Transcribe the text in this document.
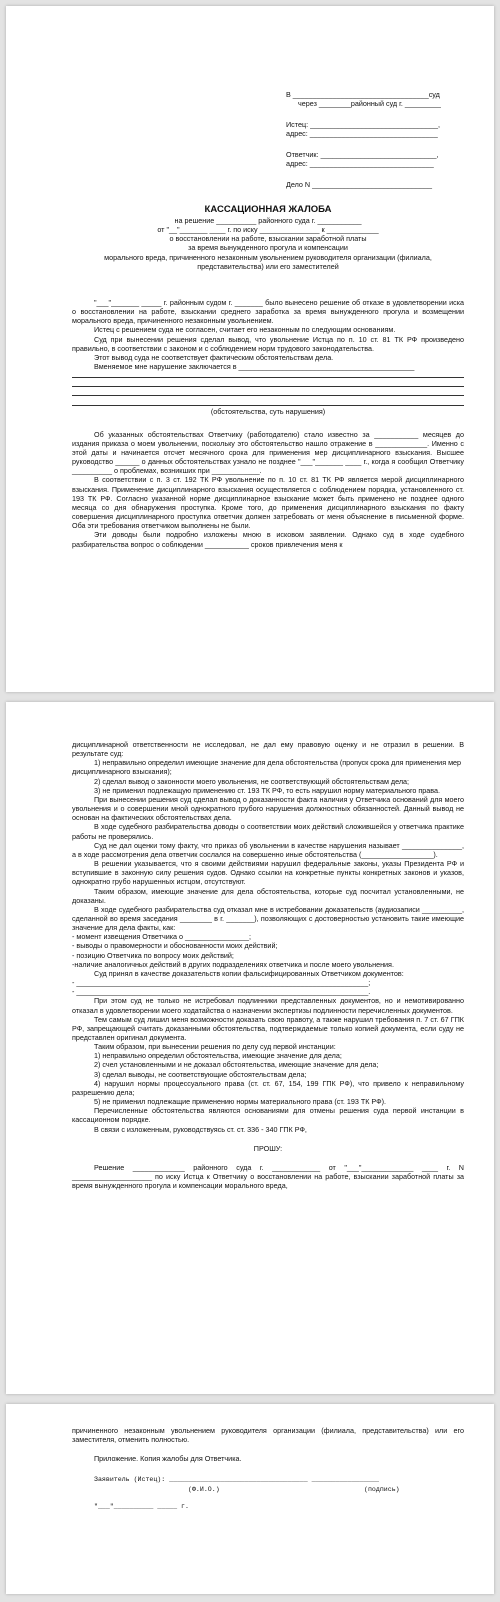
В __________________________________суд

через ________районный суд г. _________

Истец: ________________________________,

адрес: ________________________________

Ответчик: _____________________________,

адрес: _______________________________

Дело N ______________________________

КАССАЦИОННАЯ ЖАЛОБА

на решение __________ районного суда г. ___________

от "__"_______ ____ г. по иску _______________ к _____________

о восстановлении на работе, взыскании заработной платы

за время вынужденного прогула и компенсации

морального вреда, причиненного незаконным увольнением руководителя организации (филиала,

представительства) или его заместителей

"___"_______ _____ г. районным судом г. _______ было вынесено решение об отказе в удовлетворении иска о восстановлении на работе, взыскании среднего заработка за время вынужденного прогула и возмещении морального вреда, причиненного незаконным увольнением.

Истец с решением суда не согласен, считает его незаконным по следующим основаниям.

Суд при вынесении решения сделал вывод, что увольнение Истца по п. 10 ст. 81 ТК РФ произведено правильно, в соответствии с законом и с соблюдением норм трудового законодательства.

Этот вывод суда не соответствует фактическим обстоятельствам дела.

Вменяемое мне нарушение заключается в ____________________________________________

(обстоятельства, суть нарушения)

Об указанных обстоятельствах Ответчику (работодателю) стало известно за ___________ месяцев до издания приказа о моем увольнении, поскольку это обстоятельство нашло отражение в _____________. Именно с этой даты и начинается отсчет месячного срока для применения мер дисциплинарного взыскания. Высшее руководство ______ о данных обстоятельствах узнало не позднее "___"_______ ____ г., когда я сообщил Ответчику __________ о проблемах, возникших при ____________.

В соответствии с п. 3 ст. 192 ТК РФ увольнение по п. 10 ст. 81 ТК РФ является мерой дисциплинарного взыскания. Применение дисциплинарного взыскания осуществляется с соблюдением порядка, установленного ст. 193 ТК РФ. Согласно указанной норме дисциплинарное взыскание может быть применено не позднее одного месяца со дня обнаружения проступка. Кроме того, до применения дисциплинарного взыскания по факту совершения дисциплинарного проступка ответчик должен затребовать от меня объяснение в письменной форме. Оба эти требования ответчиком выполнены не были.

Эти доводы были подробно изложены мною в исковом заявлении. Однако суд в ходе судебного разбирательства вопрос о соблюдении ___________ сроков привлечения меня к

дисциплинарной ответственности не исследовал, не дал ему правовую оценку и не отразил в решении. В результате суд:

1) неправильно определил имеющие значение для дела обстоятельства (пропуск срока для применения мер дисциплинарного взыскания);

2) сделал вывод о законности моего увольнения, не соответствующий обстоятельствам дела;

3) не применил подлежащую применению ст. 193 ТК РФ, то есть нарушил норму материального права.

При вынесении решения суд сделал вывод о доказанности факта наличия у Ответчика оснований для моего увольнения и о совершении мной однократного грубого нарушения должностных обязанностей. Данный вывод не основан на фактических обстоятельствах дела.

В ходе судебного разбирательства доводы о соответствии моих действий сложившейся у ответчика практике работы не проверялись.

Суд не дал оценки тому факту, что приказ об увольнении в качестве нарушения называет _______________, а в ходе рассмотрения дела ответчик сослался на совершенно иные обстоятельства (__________________).

В решении указывается, что я своими действиями нарушил федеральные законы, указы Президента РФ и вступившие в законную силу решения судов. Однако ссылки на конкретные пункты конкретных законов и указов, однократно грубо нарушенных истцом, отсутствуют.

Таким образом, имеющие значение для дела обстоятельства, которые суд посчитал установленными, не доказаны.

В ходе судебного разбирательства суд отказал мне в истребовании доказательств (аудиозаписи __________, сделанной во время заседания ________ в г. _______), позволяющих с достоверностью установить такие имеющие значение для дела факты, как:

- момент извещения Ответчика о ________________;

- выводы о правомерности и обоснованности моих действий;

- позицию Ответчика по вопросу моих действий;

-наличие аналогичных действий в других подразделениях ответчика и после моего увольнения.

Суд принял в качестве доказательств копии фальсифицированных Ответчиком документов:

- _________________________________________________________________________;

- _________________________________________________________________________.

При этом суд не только не истребовал подлинники представленных документов, но и немотивированно отказал в удовлетворении моего ходатайства о назначении экспертизы подлинности перечисленных документов.

Тем самым суд лишил меня возможности доказать свою правоту, а также нарушил требования п. 7 ст. 67 ГПК РФ, запрещающей считать доказанными обстоятельства, подтверждаемые только копией документа, если суду не представлен оригинал документа.

Таким образом, при вынесении решения по делу суд первой инстанции:

1) неправильно определил обстоятельства, имеющие значение для дела;

2) счел установленными и не доказал обстоятельства, имеющие значение для дела;

3) сделал выводы, не соответствующие обстоятельствам дела;

4) нарушил нормы процессуального права (ст. ст. 67, 154, 199 ГПК РФ), что привело к неправильному разрешению дела;

5) не применил подлежащие применению нормы материального права (ст. 193 ТК РФ).

Перечисленные обстоятельства являются основаниями для отмены решения суда первой инстанции в кассационном порядке.

В связи с изложенным, руководствуясь ст. ст. 336 - 340 ГПК РФ,

ПРОШУ:

Решение _____________ районного суда г. ____________ от "___"_____________ ____ г. N ____________________ по иску Истца к Ответчику о восстановлении на работе, взыскании заработной платы за время вынужденного прогула и компенсации морального вреда,

причиненного незаконным увольнением руководителя организации (филиала, представительства) или его заместителя, отменить полностью.

Приложение. Копия жалобы для Ответчика.

Заявитель (Истец): ___________________________________ _________________

(Ф.И.О.)	(подпись)

"___"__________ _____ г.
